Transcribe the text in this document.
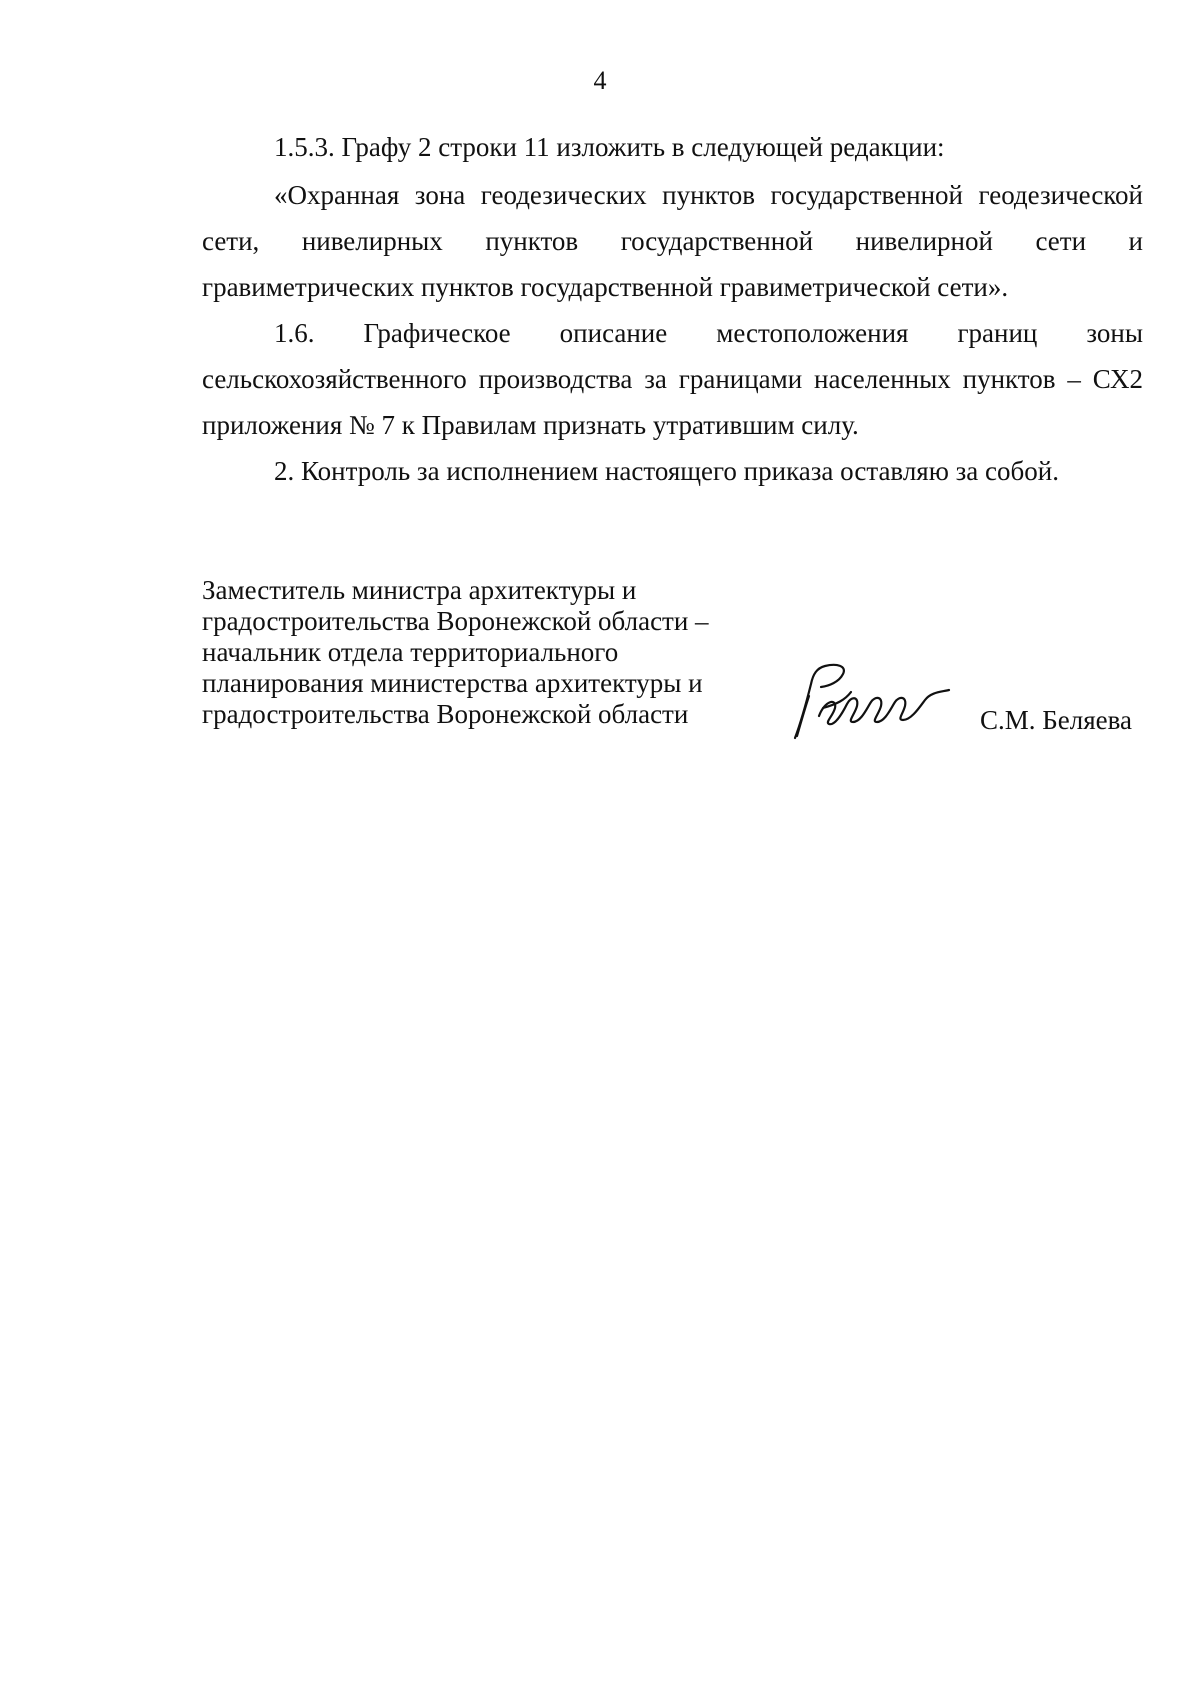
4

1.5.3. Графу 2 строки 11 изложить в следующей редакции:

«Охранная зона геодезических пунктов государственной геодезической сети, нивелирных пунктов государственной нивелирной сети и гравиметрических пунктов государственной гравиметрической сети».

1.6. Графическое описание местоположения границ зоны сельскохозяйственного производства за границами населенных пунктов – СХ2 приложения № 7 к Правилам признать утратившим силу.

2. Контроль за исполнением настоящего приказа оставляю за собой.

Заместитель министра архитектуры и
градостроительства Воронежской области –
начальник отдела территориального
планирования министерства архитектуры и
градостроительства Воронежской области	С.М. Беляева
